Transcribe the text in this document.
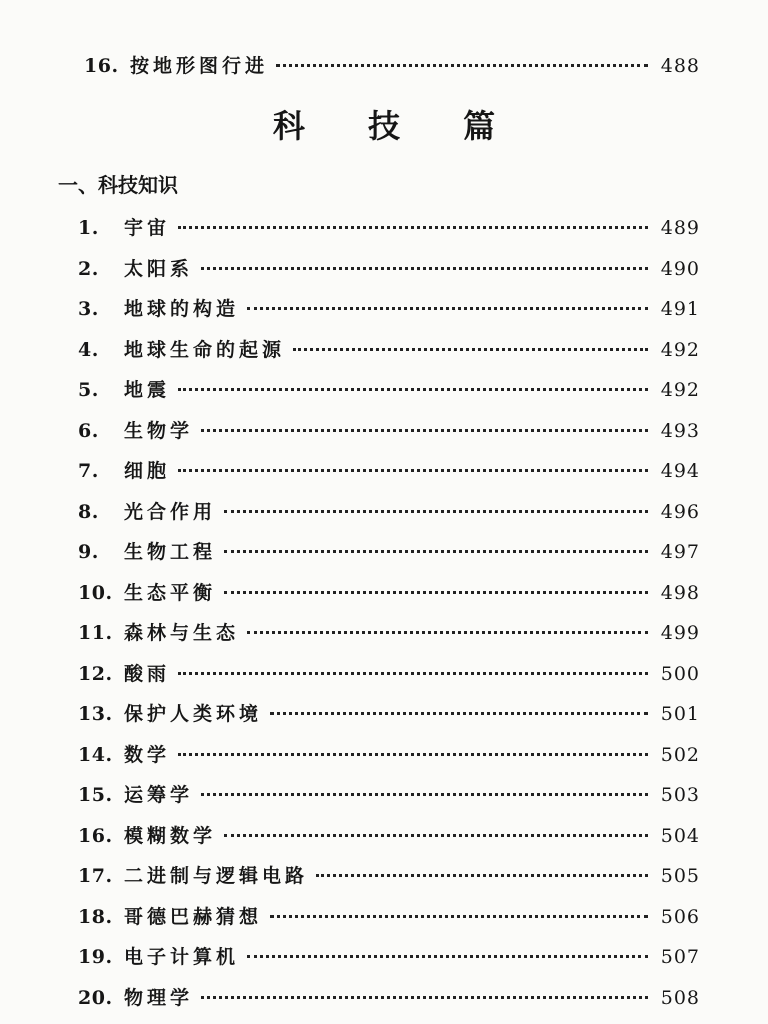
16. 按地形图行进	488
科 技 篇
一、科技知识
1.	宇宙	489
2.	太阳系	490
3.	地球的构造	491
4.	地球生命的起源	492
5.	地震	492
6.	生物学	493
7.	细胞	494
8.	光合作用	496
9.	生物工程	497
10. 生态平衡	498
11. 森林与生态	499
12. 酸雨	500
13. 保护人类环境	501
14. 数学	502
15. 运筹学	503
16. 模糊数学	504
17. 二进制与逻辑电路	505
18. 哥德巴赫猜想	506
19. 电子计算机	507
20. 物理学	508
